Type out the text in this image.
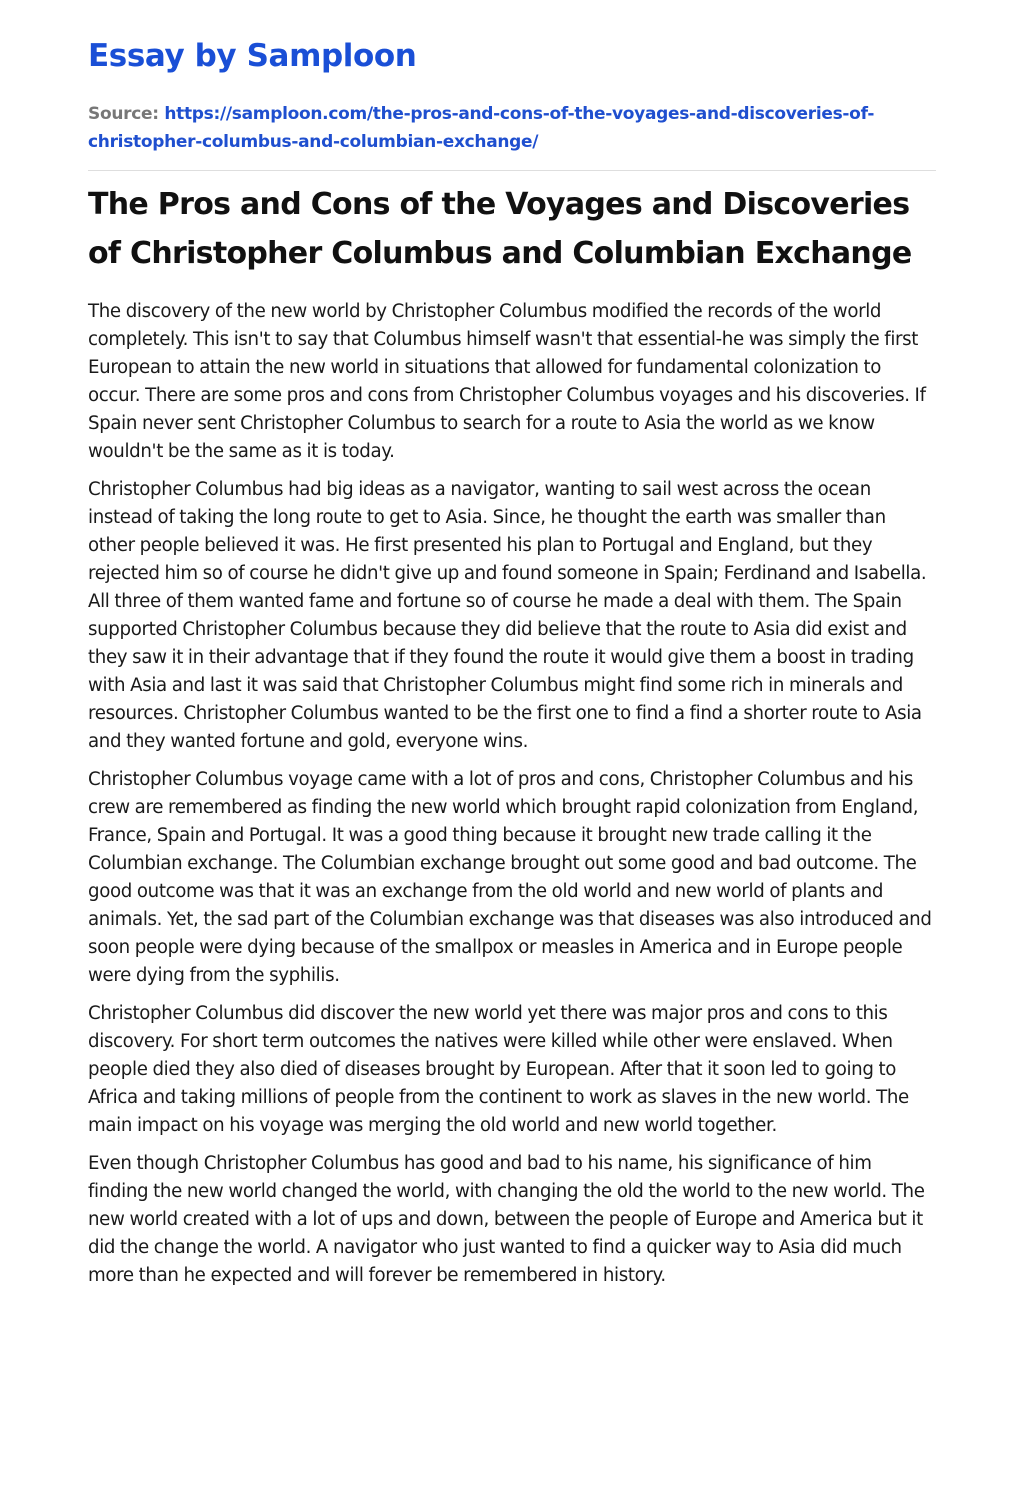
Essay by Samploon
Source: https://samploon.com/the-pros-and-cons-of-the-voyages-and-discoveries-of-christopher-columbus-and-columbian-exchange/
The Pros and Cons of the Voyages and Discoveries of Christopher Columbus and Columbian Exchange

The discovery of the new world by Christopher Columbus modified the records of the world completely. This isn't to say that Columbus himself wasn't that essential-he was simply the first European to attain the new world in situations that allowed for fundamental colonization to occur. There are some pros and cons from Christopher Columbus voyages and his discoveries. If Spain never sent Christopher Columbus to search for a route to Asia the world as we know wouldn't be the same as it is today.

Christopher Columbus had big ideas as a navigator, wanting to sail west across the ocean instead of taking the long route to get to Asia. Since, he thought the earth was smaller than other people believed it was. He first presented his plan to Portugal and England, but they rejected him so of course he didn't give up and found someone in Spain; Ferdinand and Isabella. All three of them wanted fame and fortune so of course he made a deal with them. The Spain supported Christopher Columbus because they did believe that the route to Asia did exist and they saw it in their advantage that if they found the route it would give them a boost in trading with Asia and last it was said that Christopher Columbus might find some rich in minerals and resources. Christopher Columbus wanted to be the first one to find a find a shorter route to Asia and they wanted fortune and gold, everyone wins.

Christopher Columbus voyage came with a lot of pros and cons, Christopher Columbus and his crew are remembered as finding the new world which brought rapid colonization from England, France, Spain and Portugal. It was a good thing because it brought new trade calling it the Columbian exchange. The Columbian exchange brought out some good and bad outcome. The good outcome was that it was an exchange from the old world and new world of plants and animals. Yet, the sad part of the Columbian exchange was that diseases was also introduced and soon people were dying because of the smallpox or measles in America and in Europe people were dying from the syphilis.

Christopher Columbus did discover the new world yet there was major pros and cons to this discovery. For short term outcomes the natives were killed while other were enslaved. When people died they also died of diseases brought by European. After that it soon led to going to Africa and taking millions of people from the continent to work as slaves in the new world. The main impact on his voyage was merging the old world and new world together.

Even though Christopher Columbus has good and bad to his name, his significance of him finding the new world changed the world, with changing the old the world to the new world. The new world created with a lot of ups and down, between the people of Europe and America but it did the change the world. A navigator who just wanted to find a quicker way to Asia did much more than he expected and will forever be remembered in history.
